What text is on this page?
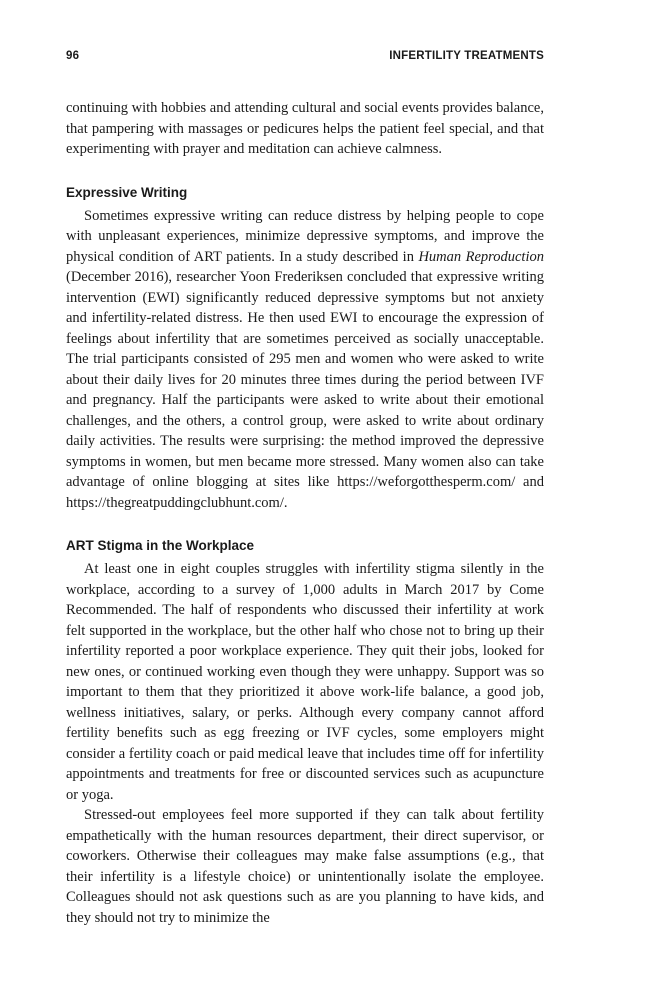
96	INFERTILITY TREATMENTS

continuing with hobbies and attending cultural and social events provides balance, that pampering with massages or pedicures helps the patient feel special, and that experimenting with prayer and meditation can achieve calmness.

Expressive Writing

Sometimes expressive writing can reduce distress by helping people to cope with unpleasant experiences, minimize depressive symptoms, and improve the physical condition of ART patients. In a study described in Human Reproduction (December 2016), researcher Yoon Frederiksen concluded that expressive writing intervention (EWI) significantly reduced depressive symptoms but not anxiety and infertility-related distress. He then used EWI to encourage the expression of feelings about infertility that are sometimes perceived as socially unacceptable. The trial participants consisted of 295 men and women who were asked to write about their daily lives for 20 minutes three times during the period between IVF and pregnancy. Half the participants were asked to write about their emotional challenges, and the others, a control group, were asked to write about ordinary daily activities. The results were surprising: the method improved the depressive symptoms in women, but men became more stressed. Many women also can take advantage of online blogging at sites like https://weforgotthesperm.com/ and https://thegreatpuddingclubhunt.com/.

ART Stigma in the Workplace

At least one in eight couples struggles with infertility stigma silently in the workplace, according to a survey of 1,000 adults in March 2017 by Come Recommended. The half of respondents who discussed their infertility at work felt supported in the workplace, but the other half who chose not to bring up their infertility reported a poor workplace experience. They quit their jobs, looked for new ones, or continued working even though they were unhappy. Support was so important to them that they prioritized it above work-life balance, a good job, wellness initiatives, salary, or perks. Although every company cannot afford fertility benefits such as egg freezing or IVF cycles, some employers might consider a fertility coach or paid medical leave that includes time off for infertility appointments and treatments for free or discounted services such as acupuncture or yoga.

Stressed-out employees feel more supported if they can talk about fertility empathetically with the human resources department, their direct supervisor, or coworkers. Otherwise their colleagues may make false assumptions (e.g., that their infertility is a lifestyle choice) or unintentionally isolate the employee. Colleagues should not ask questions such as are you planning to have kids, and they should not try to minimize the
